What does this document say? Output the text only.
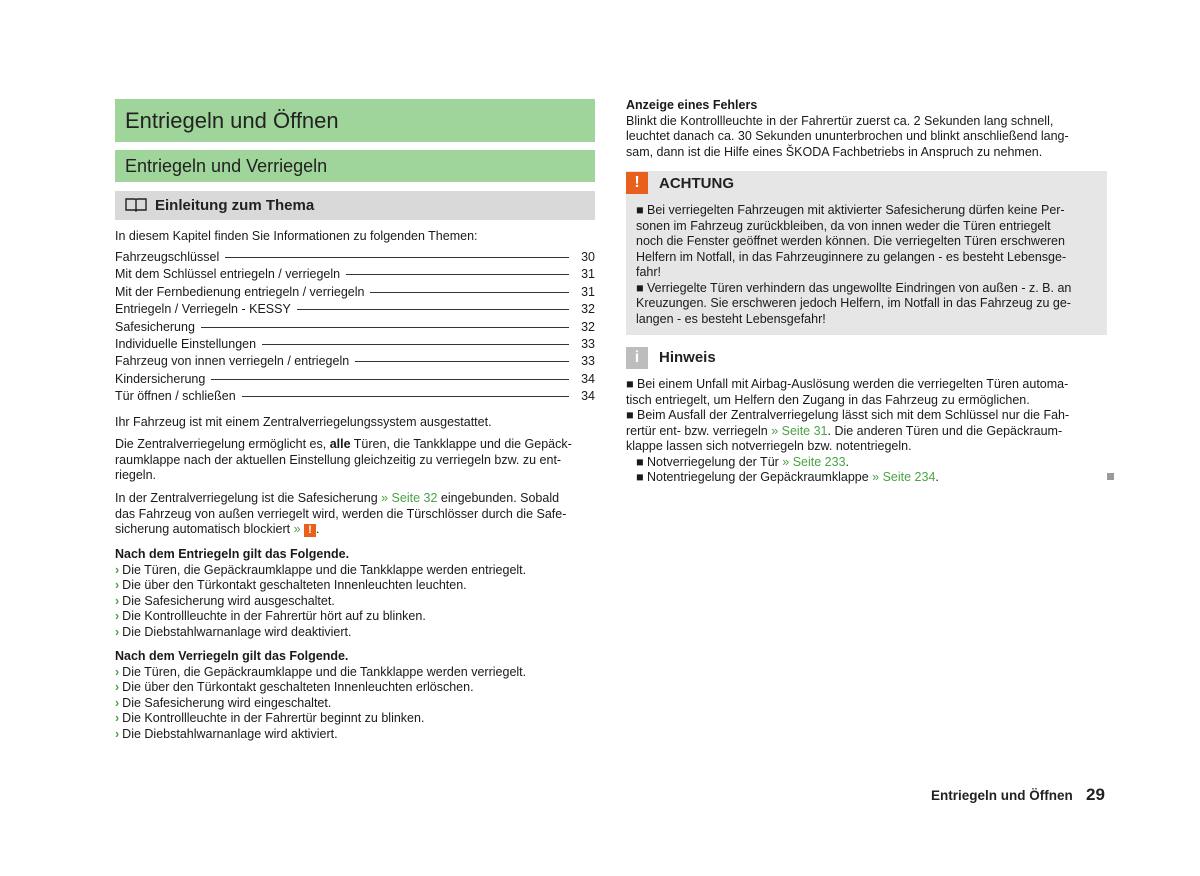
Entriegeln und Öffnen
Entriegeln und Verriegeln
Einleitung zum Thema

In diesem Kapitel finden Sie Informationen zu folgenden Themen:

Fahrzeugschlüssel	30
Mit dem Schlüssel entriegeln / verriegeln	31
Mit der Fernbedienung entriegeln / verriegeln	31
Entriegeln / Verriegeln - KESSY	32
Safesicherung	32
Individuelle Einstellungen	33
Fahrzeug von innen verriegeln / entriegeln	33
Kindersicherung	34
Tür öffnen / schließen	34

Ihr Fahrzeug ist mit einem Zentralverriegelungssystem ausgestattet.

Die Zentralverriegelung ermöglicht es, alle Türen, die Tankklappe und die Gepäck-

raumklappe nach der aktuellen Einstellung gleichzeitig zu verriegeln bzw. zu ent-

riegeln.

In der Zentralverriegelung ist die Safesicherung » Seite 32 eingebunden. Sobald

das Fahrzeug von außen verriegelt wird, werden die Türschlösser durch die Safe-

sicherung automatisch blockiert » ! .

Nach dem Entriegeln gilt das Folgende.

› Die Türen, die Gepäckraumklappe und die Tankklappe werden entriegelt.
› Die über den Türkontakt geschalteten Innenleuchten leuchten.
› Die Safesicherung wird ausgeschaltet.
› Die Kontrollleuchte in der Fahrertür hört auf zu blinken.
› Die Diebstahlwarnanlage wird deaktiviert.

Nach dem Verriegeln gilt das Folgende.

› Die Türen, die Gepäckraumklappe und die Tankklappe werden verriegelt.
› Die über den Türkontakt geschalteten Innenleuchten erlöschen.
› Die Safesicherung wird eingeschaltet.
› Die Kontrollleuchte in der Fahrertür beginnt zu blinken.
› Die Diebstahlwarnanlage wird aktiviert.

Anzeige eines Fehlers

Blinkt die Kontrollleuchte in der Fahrertür zuerst ca. 2 Sekunden lang schnell,

leuchtet danach ca. 30 Sekunden ununterbrochen und blinkt anschließend lang-

sam, dann ist die Hilfe eines ŠKODA Fachbetriebs in Anspruch zu nehmen.

!	ACHTUNG
■ Bei verriegelten Fahrzeugen mit aktivierter Safesicherung dürfen keine Per-
sonen im Fahrzeug zurückbleiben, da von innen weder die Türen entriegelt
noch die Fenster geöffnet werden können. Die verriegelten Türen erschweren
Helfern im Notfall, in das Fahrzeuginnere zu gelangen - es besteht Lebensge-
fahr!
■ Verriegelte Türen verhindern das ungewollte Eindringen von außen - z. B. an
Kreuzungen. Sie erschweren jedoch Helfern, im Notfall in das Fahrzeug zu ge-
langen - es besteht Lebensgefahr!
i	Hinweis
■ Bei einem Unfall mit Airbag-Auslösung werden die verriegelten Türen automa-
tisch entriegelt, um Helfern den Zugang in das Fahrzeug zu ermöglichen.
■ Beim Ausfall der Zentralverriegelung lässt sich mit dem Schlüssel nur die Fah-
rertür ent- bzw. verriegeln » Seite 31. Die anderen Türen und die Gepäckraum-
klappe lassen sich notverriegeln bzw. notentriegeln.
■ Notverriegelung der Tür » Seite 233.
■ Notentriegelung der Gepäckraumklappe » Seite 234.
Entriegeln und Öffnen 29
